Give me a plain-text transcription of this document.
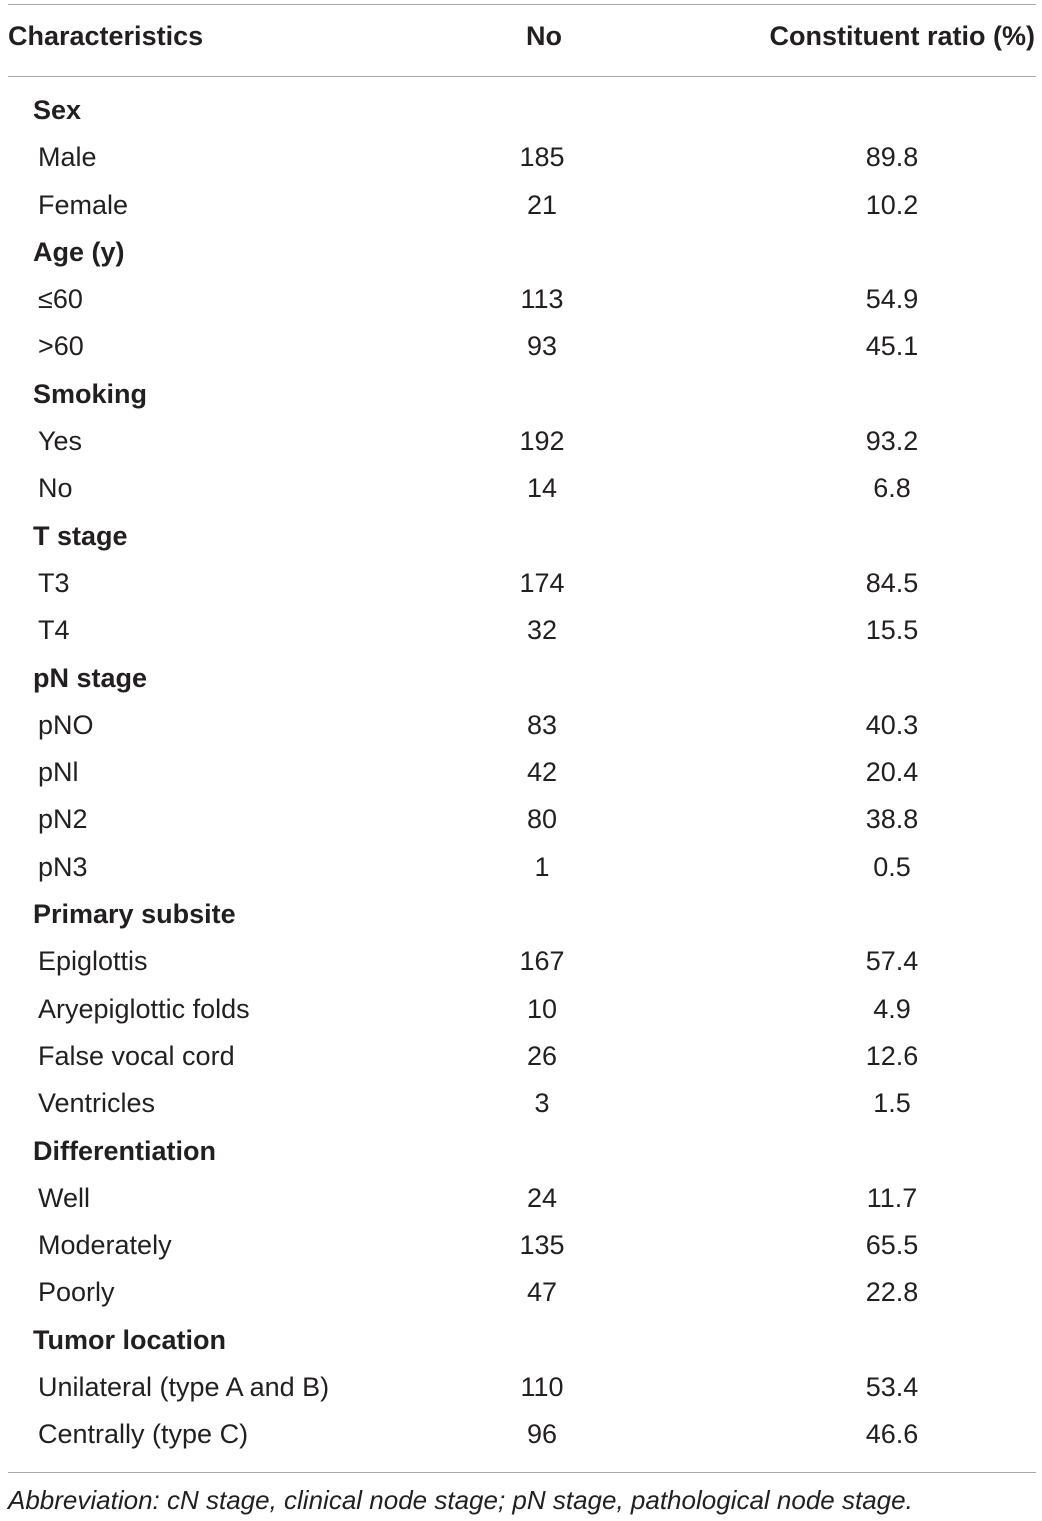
Characteristics	No	Constituent ratio (%)
Sex
Male	185	89.8
Female	21	10.2
Age (y)
≤60	113	54.9
>60	93	45.1
Smoking
Yes	192	93.2
No	14	6.8
T stage
T3	174	84.5
T4	32	15.5
pN stage
pNO	83	40.3
pNl	42	20.4
pN2	80	38.8
pN3	1	0.5
Primary subsite
Epiglottis	167	57.4
Aryepiglottic folds	10	4.9
False vocal cord	26	12.6
Ventricles	3	1.5
Differentiation
Well	24	11.7
Moderately	135	65.5
Poorly	47	22.8
Tumor location
Unilateral (type A and B)	110	53.4
Centrally (type C)	96	46.6
Abbreviation: cN stage, clinical node stage; pN stage, pathological node stage.
